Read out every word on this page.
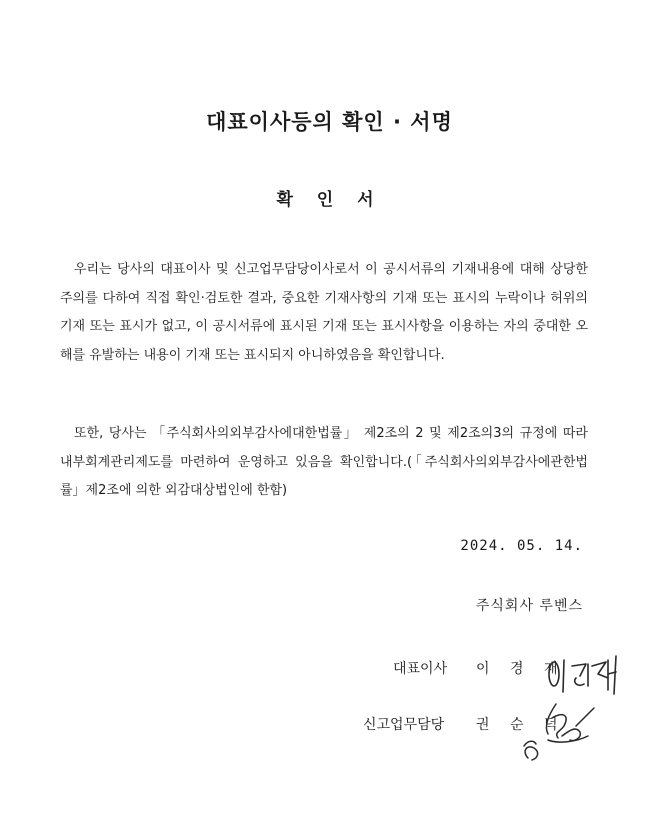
대표이사등의 확인 · 서명
확 인 서

우리는 당사의 대표이사 및 신고업무담당이사로서 이 공시서류의 기재내용에 대해 상당한 주의를 다하여 직접 확인·검토한 결과, 중요한 기재사항의 기재 또는 표시의 누락이나 허위의 기재 또는 표시가 없고, 이 공시서류에 표시된 기재 또는 표시사항을 이용하는 자의 중대한 오해를 유발하는 내용이 기재 또는 표시되지 아니하였음을 확인합니다.

또한, 당사는 「주식회사의외부감사에대한법률」 제2조의 2 및 제2조의3의 규정에 따라 내부회계관리제도를 마련하여 운영하고 있음을 확인합니다.(「주식회사의외부감사에관한법률」제2조에 의한 외감대상법인에 한함)

2024. 05. 14.
주식회사 루벤스
대표이사 이 경 재
신고업무담당 권 순 덕
